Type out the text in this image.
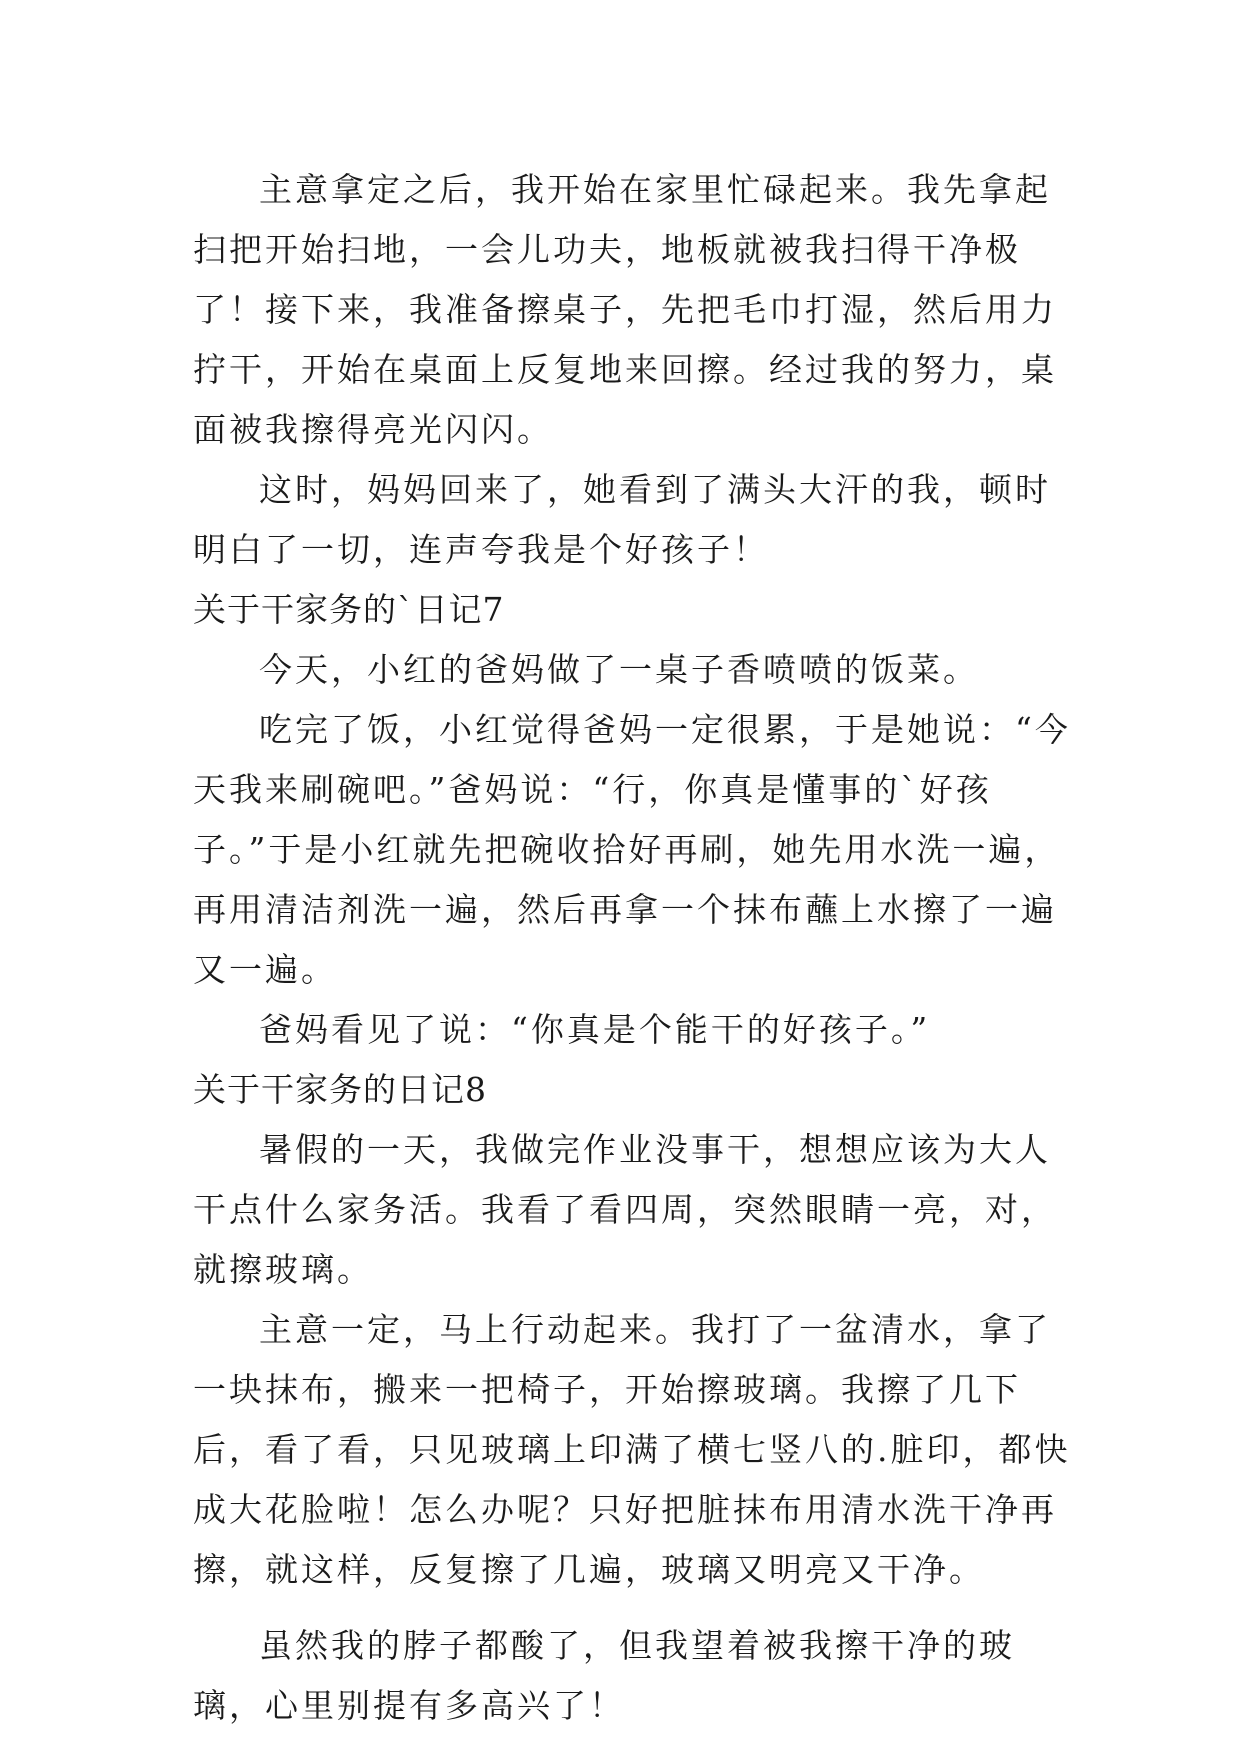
主意拿定之后，我开始在家里忙碌起来。我先拿起扫把开始扫地，一会儿功夫，地板就被我扫得干净极了！接下来，我准备擦桌子，先把毛巾打湿，然后用力拧干，开始在桌面上反复地来回擦。经过我的努力，桌面被我擦得亮光闪闪。

这时，妈妈回来了，她看到了满头大汗的我，顿时明白了一切，连声夸我是个好孩子！

关于干家务的`日记7

今天，小红的爸妈做了一桌子香喷喷的饭菜。

吃完了饭，小红觉得爸妈一定很累，于是她说：“今天我来刷碗吧。”爸妈说：“行，你真是懂事的`好孩子。”于是小红就先把碗收拾好再刷，她先用水洗一遍，再用清洁剂洗一遍，然后再拿一个抹布蘸上水擦了一遍又一遍。

爸妈看见了说：“你真是个能干的好孩子。”

关于干家务的日记8

暑假的一天，我做完作业没事干，想想应该为大人干点什么家务活。我看了看四周，突然眼睛一亮，对，就擦玻璃。

主意一定，马上行动起来。我打了一盆清水，拿了一块抹布，搬来一把椅子，开始擦玻璃。我擦了几下后，看了看，只见玻璃上印满了横七竖八的.脏印，都快成大花脸啦！怎么办呢？只好把脏抹布用清水洗干净再擦，就这样，反复擦了几遍，玻璃又明亮又干净。

虽然我的脖子都酸了，但我望着被我擦干净的玻璃，心里别提有多高兴了！
